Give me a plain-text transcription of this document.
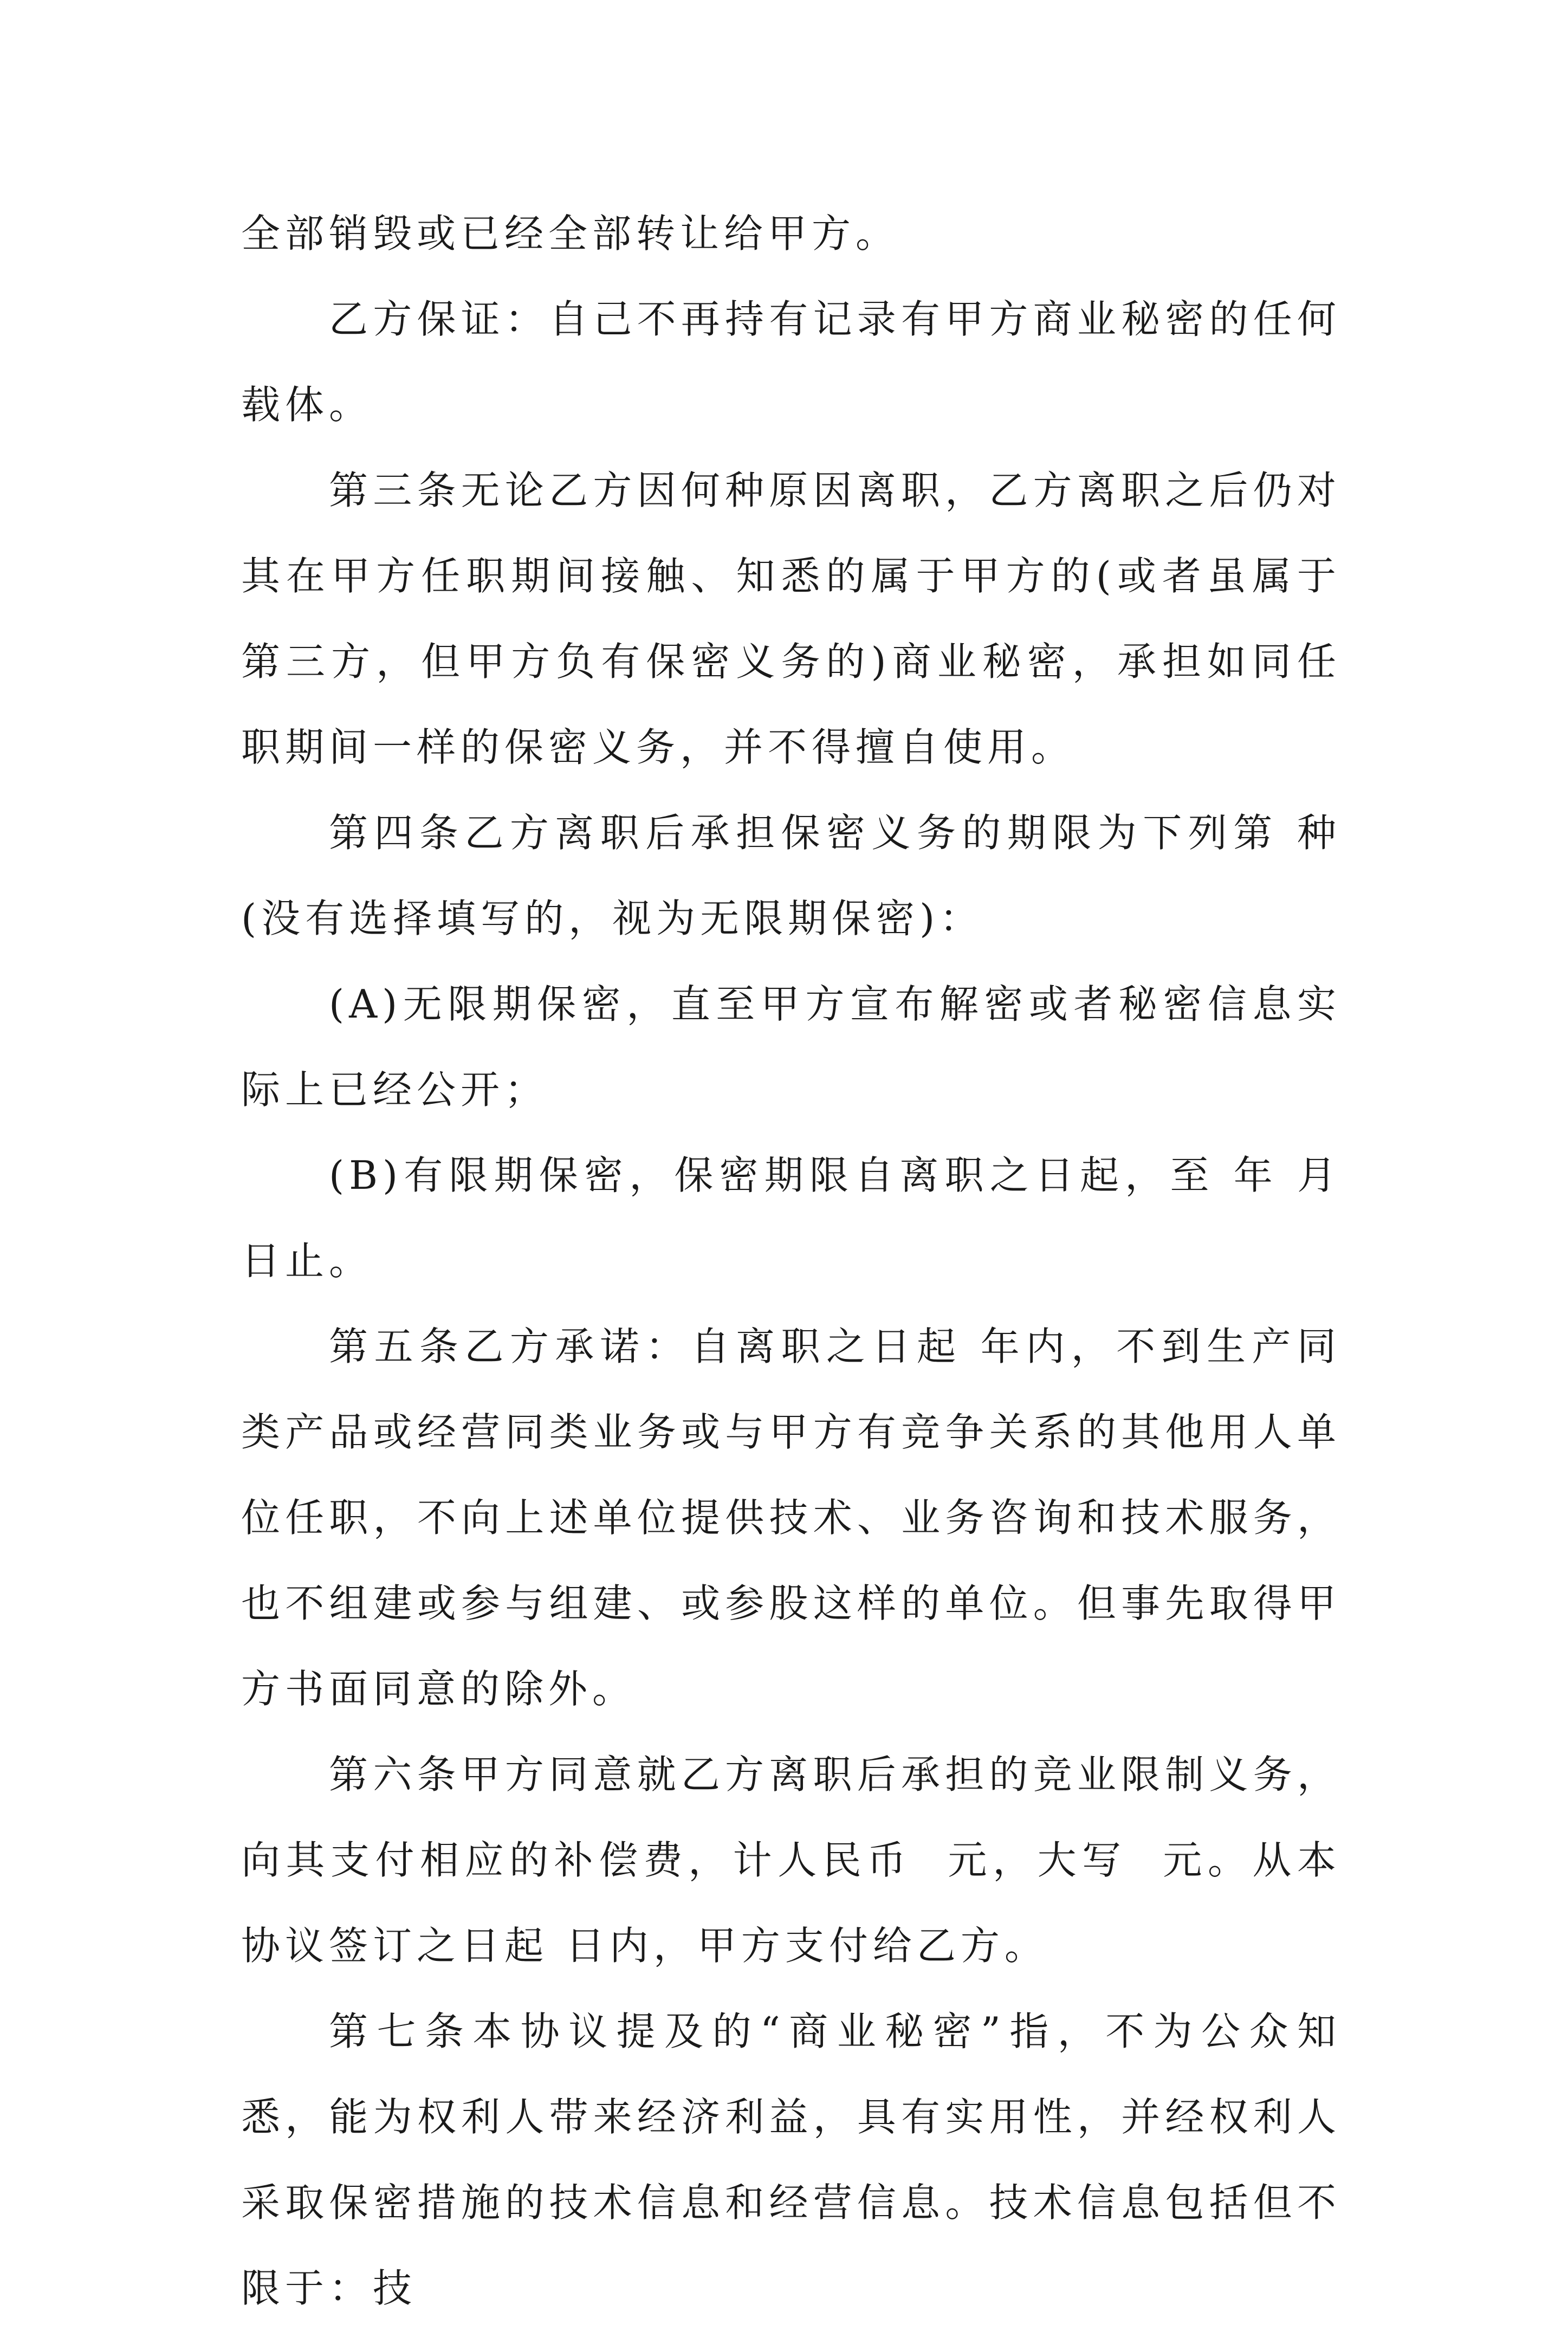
全部销毁或已经全部转让给甲方。

乙方保证：自己不再持有记录有甲方商业秘密的任何载体。

第三条无论乙方因何种原因离职，乙方离职之后仍对其在甲方任职期间接触、知悉的属于甲方的(或者虽属于第三方，但甲方负有保密义务的)商业秘密，承担如同任职期间一样的保密义务，并不得擅自使用。

第四条乙方离职后承担保密义务的期限为下列第 种(没有选择填写的，视为无限期保密)：

(A)无限期保密，直至甲方宣布解密或者秘密信息实际上已经公开；

(B)有限期保密，保密期限自离职之日起，至 年 月 日止。

第五条乙方承诺：自离职之日起 年内，不到生产同类产品或经营同类业务或与甲方有竞争关系的其他用人单位任职，不向上述单位提供技术、业务咨询和技术服务，也不组建或参与组建、或参股这样的单位。但事先取得甲方书面同意的除外。

第六条甲方同意就乙方离职后承担的竞业限制义务，向其支付相应的补偿费，计人民币  元，大写  元。从本协议签订之日起 日内，甲方支付给乙方。

第七条本协议提及的“商业秘密”指，不为公众知悉，能为权利人带来经济利益，具有实用性，并经权利人采取保密措施的技术信息和经营信息。技术信息包括但不限于：技
